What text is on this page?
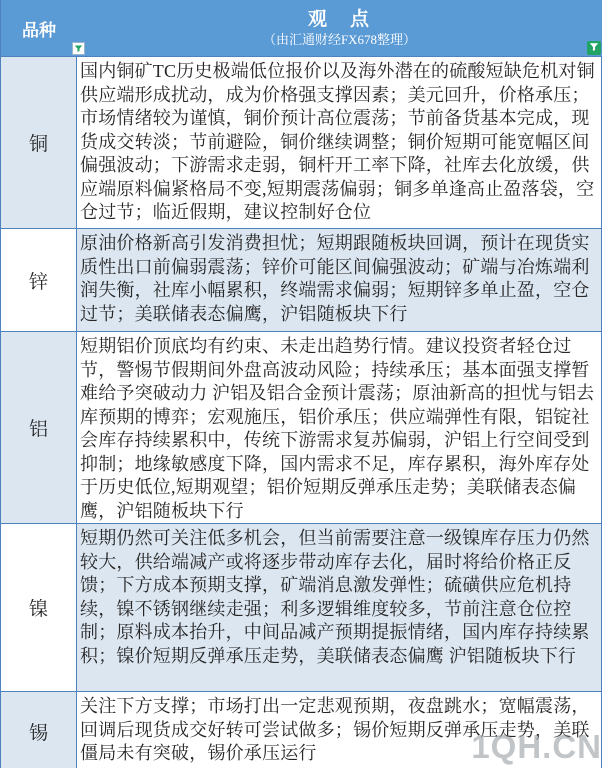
品种	观　点
（由汇通财经FX678整理）
铜
国内铜矿TC历史极端低位报价以及海外潜在的硫酸短缺危机对铜供应端形成扰动，成为价格强支撑因素；美元回升，价格承压；市场情绪较为谨慎，铜价预计高位震荡；节前备货基本完成，现货成交转淡；节前避险，铜价继续调整；铜价短期可能宽幅区间偏强波动；下游需求走弱，铜杆开工率下降，社库去化放缓，供应端原料偏紧格局不变,短期震荡偏弱；铜多单逢高止盈落袋，空仓过节；临近假期，建议控制好仓位
锌
原油价格新高引发消费担忧；短期跟随板块回调，预计在现货实质性出口前偏弱震荡；锌价可能区间偏强波动；矿端与冶炼端利润失衡，社库小幅累积，终端需求偏弱；短期锌多单止盈，空仓过节；美联储表态偏鹰，沪铝随板块下行
铝
短期铝价顶底均有约束、未走出趋势行情。建议投资者轻仓过节，警惕节假期间外盘高波动风险；持续承压；基本面强支撑暂难给予突破动力 沪铝及铝合金预计震荡；原油新高的担忧与铝去库预期的博弈；宏观施压，铝价承压；供应端弹性有限，铝锭社会库存持续累积中，传统下游需求复苏偏弱，沪铝上行空间受到抑制；地缘敏感度下降，国内需求不足，库存累积，海外库存处于历史低位,短期观望；铝价短期反弹承压走势；美联储表态偏鹰，沪铝随板块下行
镍
短期仍然可关注低多机会，但当前需要注意一级镍库存压力仍然较大，供给端减产或将逐步带动库存去化，届时将给价格正反馈；下方成本预期支撑，矿端消息激发弹性；硫磺供应危机持续，镍不锈钢继续走强；利多逻辑维度较多，节前注意仓位控制；原料成本抬升，中间品减产预期提振情绪，国内库存持续累积；镍价短期反弹承压走势，美联储表态偏鹰 沪铝随板块下行
锡
关注下方支撑；市场打出一定悲观预期，夜盘跳水；宽幅震荡，回调后现货成交好转可尝试做多；锡价短期反弹承压走势，美联僵局未有突破，锡价承压运行	1QH.CN
